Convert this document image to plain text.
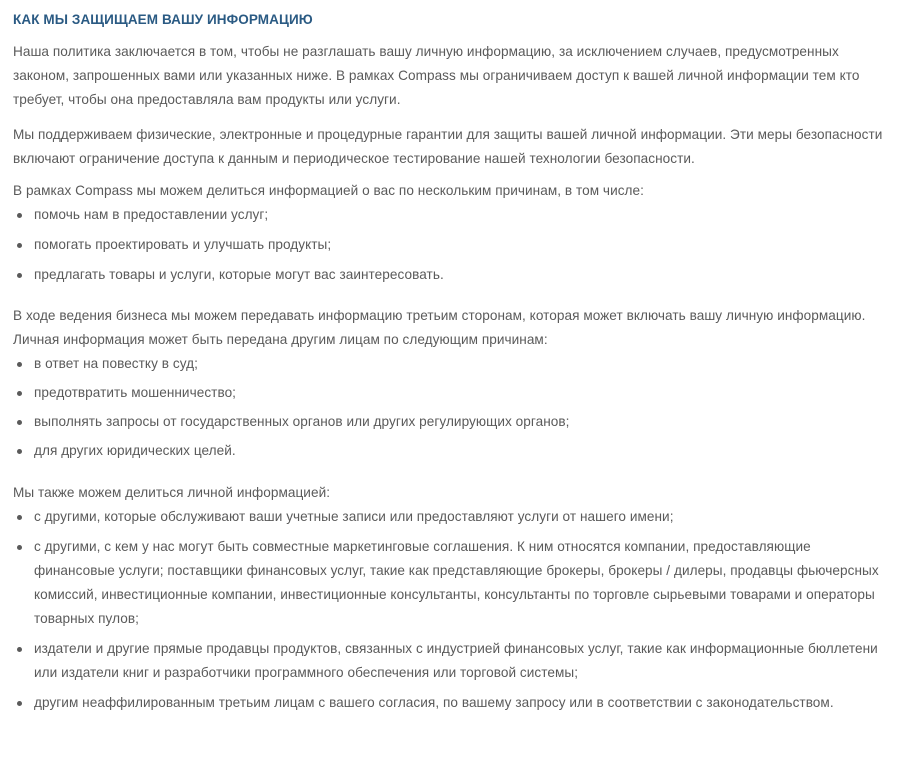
КАК МЫ ЗАЩИЩАЕМ ВАШУ ИНФОРМАЦИЮ

Наша политика заключается в том, чтобы не разглашать вашу личную информацию, за исключением случаев, предусмотренных законом, запрошенных вами или указанных ниже. В рамках Compass мы ограничиваем доступ к вашей личной информации тем кто требует, чтобы она предоставляла вам продукты или услуги.

Мы поддерживаем физические, электронные и процедурные гарантии для защиты вашей личной информации. Эти меры безопасности включают ограничение доступа к данным и периодическое тестирование нашей технологии безопасности.

В рамках Compass мы можем делиться информацией о вас по нескольким причинам, в том числе:

помочь нам в предоставлении услуг;
помогать проектировать и улучшать продукты;
предлагать товары и услуги, которые могут вас заинтересовать.

В ходе ведения бизнеса мы можем передавать информацию третьим сторонам, которая может включать вашу личную информацию. Личная информация может быть передана другим лицам по следующим причинам:

в ответ на повестку в суд;
предотвратить мошенничество;
выполнять запросы от государственных органов или других регулирующих органов;
для других юридических целей.

Мы также можем делиться личной информацией:

с другими, которые обслуживают ваши учетные записи или предоставляют услуги от нашего имени;
с другими, с кем у нас могут быть совместные маркетинговые соглашения. К ним относятся компании, предоставляющие финансовые услуги; поставщики финансовых услуг, такие как представляющие брокеры, брокеры / дилеры, продавцы фьючерсных комиссий, инвестиционные компании, инвестиционные консультанты, консультанты по торговле сырьевыми товарами и операторы товарных пулов;
издатели и другие прямые продавцы продуктов, связанных с индустрией финансовых услуг, такие как информационные бюллетени или издатели книг и разработчики программного обеспечения или торговой системы;
другим неаффилированным третьим лицам с вашего согласия, по вашему запросу или в соответствии с законодательством.
